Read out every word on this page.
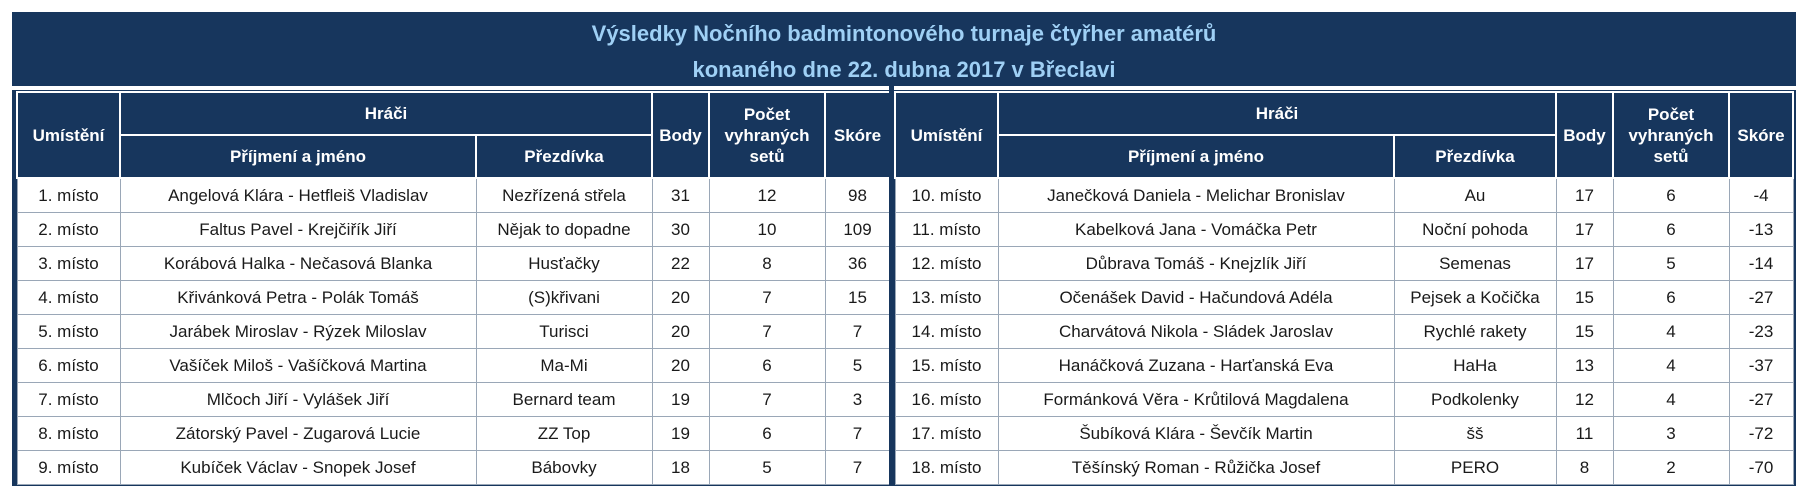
Výsledky Nočního badmintonového turnaje čtyřher amatérů
konaného dne 22. dubna 2017 v Břeclavi
Umístění	Hráči		Body	Počet vyhraných setů	Skóre
	Příjmení a jméno	Přezdívka			
1. místo	Angelová Klára - Hetfleiš Vladislav	Nezřízená střela	31	12	98
2. místo	Faltus Pavel - Krejčiřík Jiří	Nějak to dopadne	30	10	109
3. místo	Korábová Halka - Nečasová Blanka	Husťačky	22	8	36
4. místo	Křivánková Petra - Polák Tomáš	(S)křivani	20	7	15
5. místo	Jarábek Miroslav - Rýzek Miloslav	Turisci	20	7	7
6. místo	Vašíček Miloš - Vašíčková Martina	Ma-Mi	20	6	5
7. místo	Mlčoch Jiří - Vylášek Jiří	Bernard team	19	7	3
8. místo	Zátorský Pavel - Zugarová Lucie	ZZ Top	19	6	7
9. místo	Kubíček Václav - Snopek Josef	Bábovky	18	5	7
Umístění	Hráči		Body	Počet vyhraných setů	Skóre
	Příjmení a jméno	Přezdívka			
10. místo	Janečková Daniela - Melichar Bronislav	Au	17	6	-4
11. místo	Kabelková Jana - Vomáčka Petr	Noční pohoda	17	6	-13
12. místo	Důbrava Tomáš - Knejzlík Jiří	Semenas	17	5	-14
13. místo	Očenášek David - Hačundová Adéla	Pejsek a Kočička	15	6	-27
14. místo	Charvátová Nikola - Sládek Jaroslav	Rychlé rakety	15	4	-23
15. místo	Hanáčková Zuzana - Harťanská Eva	HaHa	13	4	-37
16. místo	Formánková Věra - Krůtilová Magdalena	Podkolenky	12	4	-27
17. místo	Šubíková Klára - Ševčík Martin	šš	11	3	-72
18. místo	Těšínský Roman - Růžička Josef	PERO	8	2	-70
